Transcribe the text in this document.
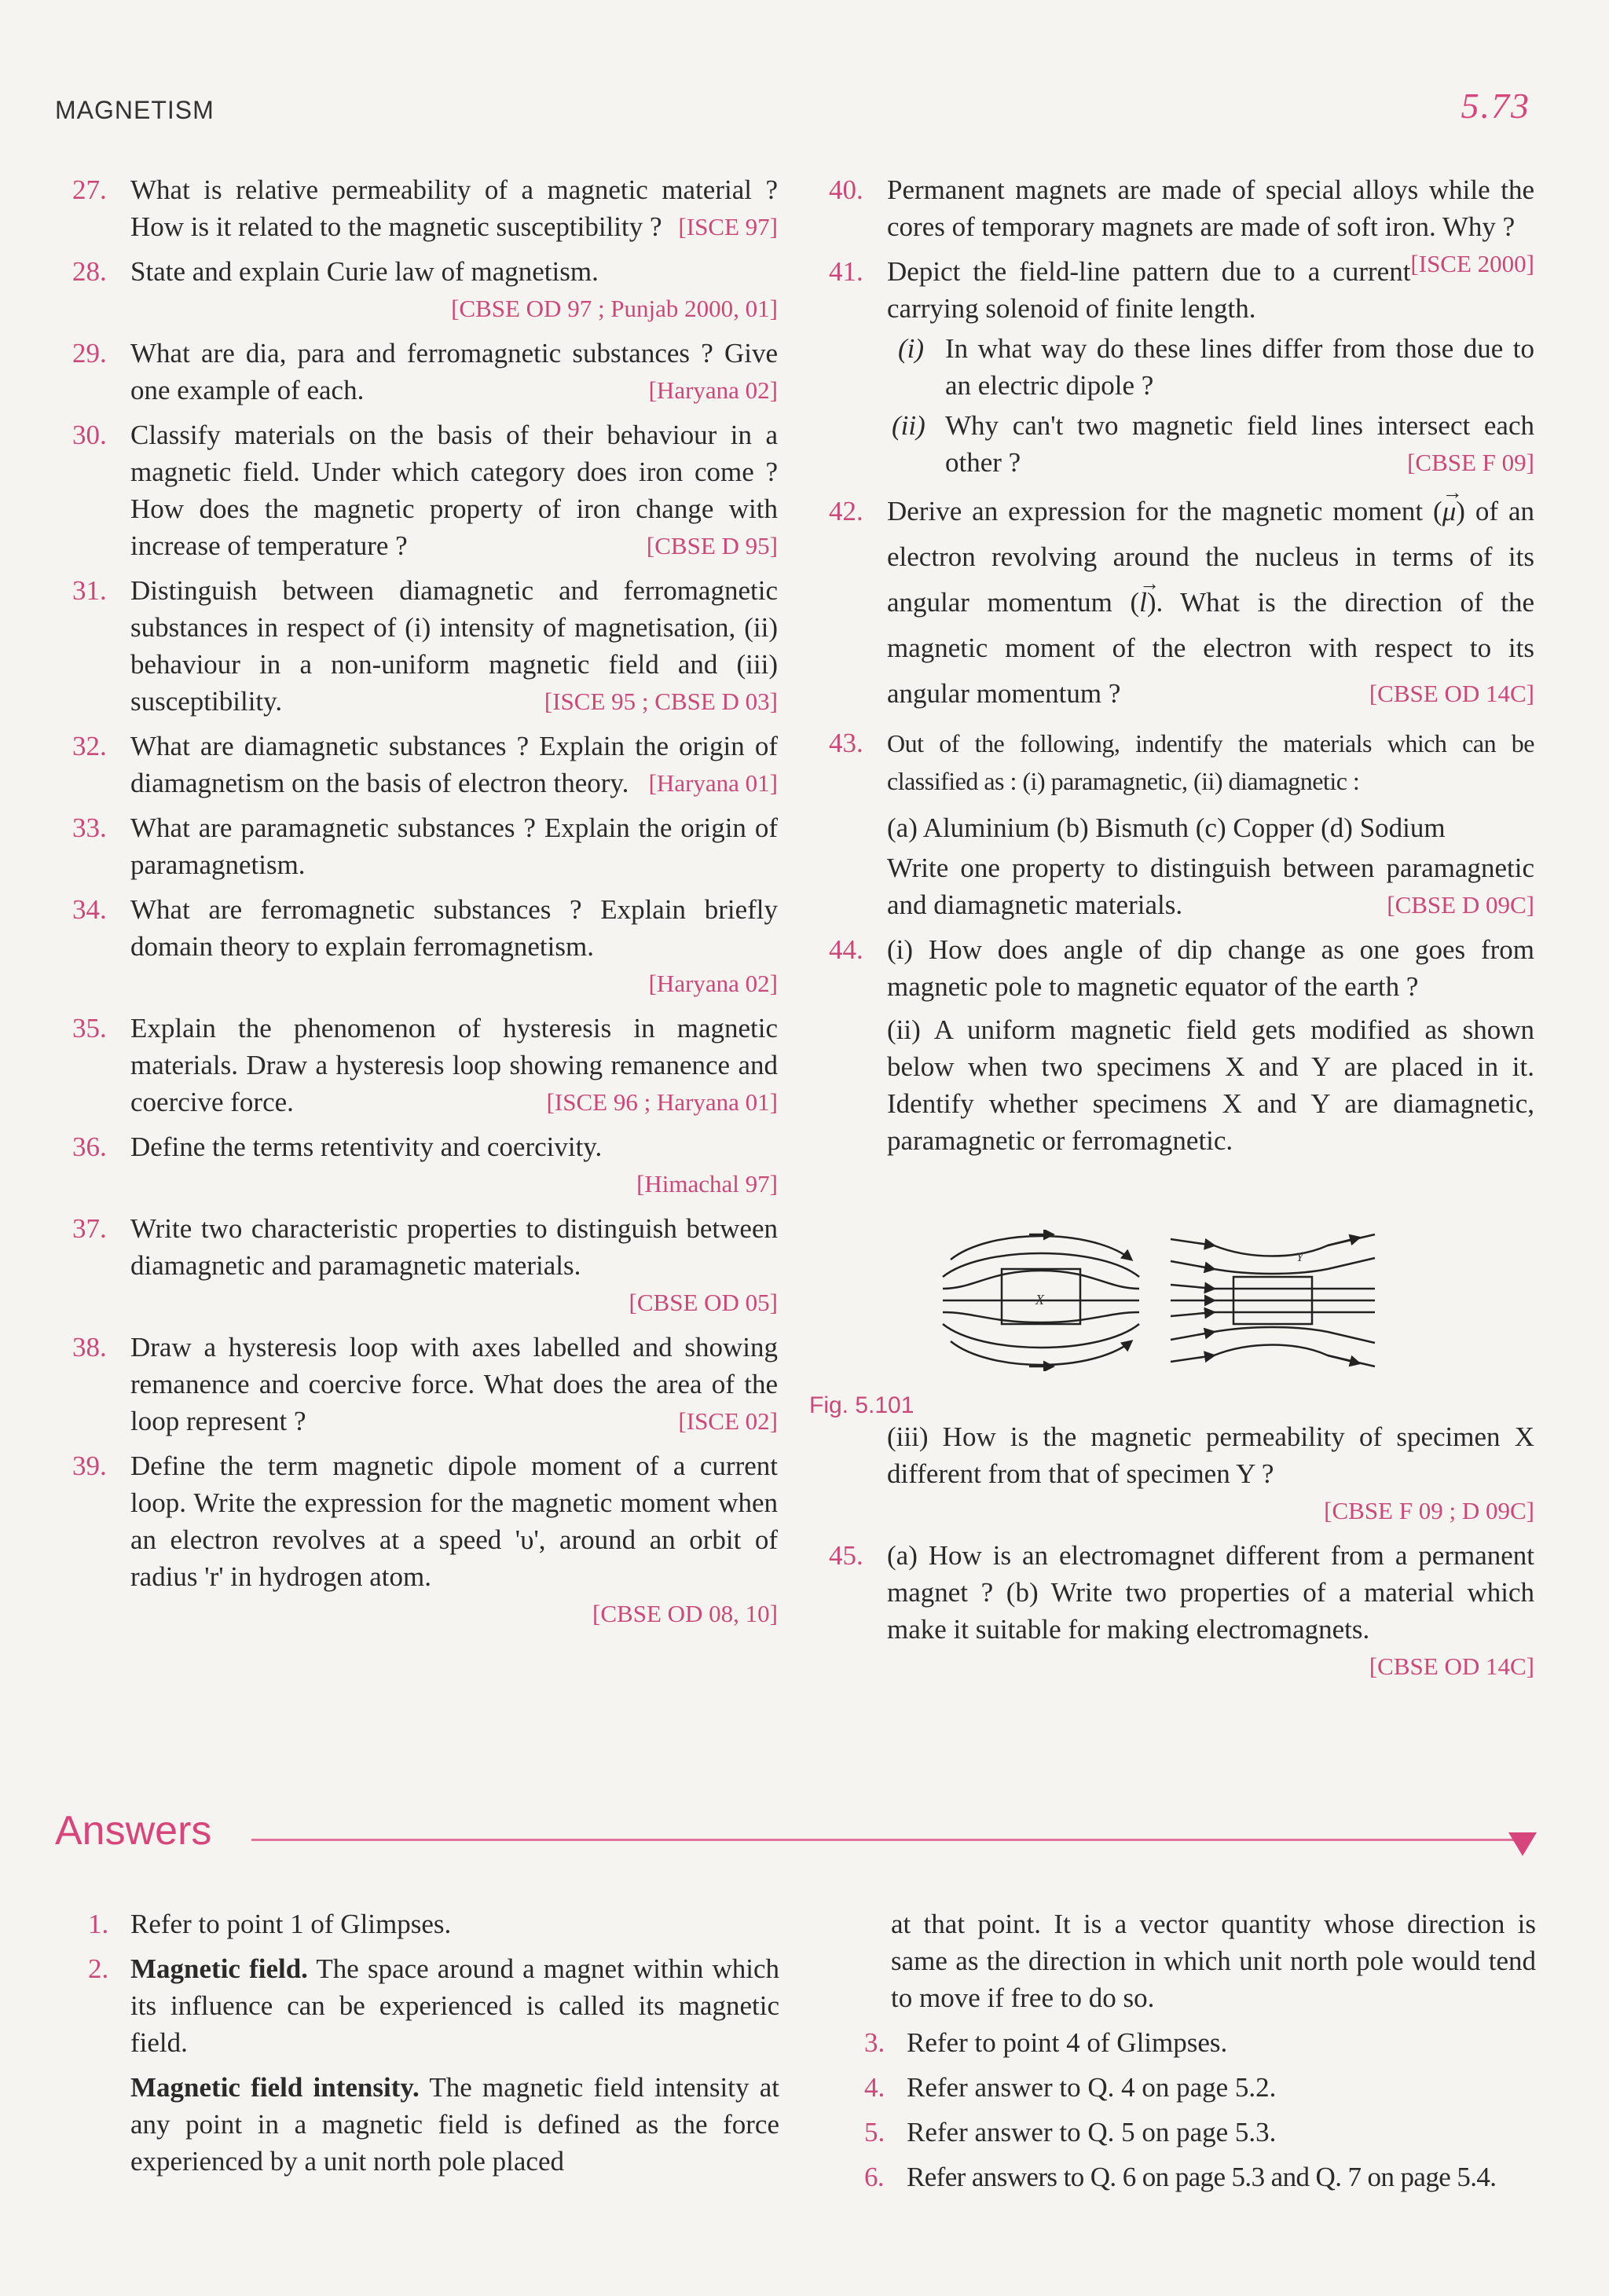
MAGNETISM	5.73
27. What is relative permeability of a magnetic material ? How is it related to the magnetic susceptibility ? [ISCE 97]
28. State and explain Curie law of magnetism.
[CBSE OD 97 ; Punjab 2000, 01]
29. What are dia, para and ferromagnetic substances ? Give one example of each.	[Haryana 02]
30. Classify materials on the basis of their behaviour in a magnetic field. Under which category does iron come ? How does the magnetic property of iron change with increase of temperature ?	[CBSE D 95]
31. Distinguish between diamagnetic and ferromagnetic substances in respect of (i) intensity of magnetisation, (ii) behaviour in a non-uniform magnetic field and (iii) susceptibility.	[ISCE 95 ; CBSE D 03]
32. What are diamagnetic substances ? Explain the origin of diamagnetism on the basis of electron theory. [Haryana 01]
33. What are paramagnetic substances ? Explain the origin of paramagnetism.
34. What are ferromagnetic substances ? Explain briefly domain theory to explain ferromagnetism.
[Haryana 02]
35. Explain the phenomenon of hysteresis in magnetic materials. Draw a hysteresis loop showing remanence and coercive force.	[ISCE 96 ; Haryana 01]
36. Define the terms retentivity and coercivity.
[Himachal 97]
37. Write two characteristic properties to distinguish between diamagnetic and paramagnetic materials.
[CBSE OD 05]
38. Draw a hysteresis loop with axes labelled and showing remanence and coercive force. What does the area of the loop represent ?	[ISCE 02]
39. Define the term magnetic dipole moment of a current loop. Write the expression for the magnetic moment when an electron revolves at a speed 'υ', around an orbit of radius 'r' in hydrogen atom.
[CBSE OD 08, 10]
40. Permanent magnets are made of special alloys while the cores of temporary magnets are made of soft iron. Why ?
[ISCE 2000]
41. Depict the field-line pattern due to a current carrying solenoid of finite length.
(i) In what way do these lines differ from those due to an electric dipole ?
(ii) Why can't two magnetic field lines intersect each other ?	[CBSE F 09]
42. Derive an expression for the magnetic moment (→ μ) of an electron revolving around the nucleus in terms of its angular momentum (→ l). What is the direction of the magnetic moment of the electron with respect to its angular momentum ?	[CBSE OD 14C]
43. Out of the following, indentify the materials which can be classified as : (i) paramagnetic, (ii) diamagnetic :
(a) Aluminium (b) Bismuth (c) Copper (d) Sodium
Write one property to distinguish between paramagnetic and diamagnetic materials.	[CBSE D 09C]
44. (i) How does angle of dip change as one goes from magnetic pole to magnetic equator of the earth ?
(ii) A uniform magnetic field gets modified as shown below when two specimens X and Y are placed in it. Identify whether specimens X and Y are diamagnetic, paramagnetic or ferromagnetic.
(iii) How is the magnetic permeability of specimen X different from that of specimen Y ?
[CBSE F 09 ; D 09C]
45. (a) How is an electromagnet different from a permanent magnet ? (b) Write two properties of a material which make it suitable for making electromagnets.
[CBSE OD 14C]
X
Y
Fig. 5.101
Answers
1. Refer to point 1 of Glimpses.
2. Magnetic field. The space around a magnet within which its influence can be experienced is called its magnetic field.
Magnetic field intensity. The magnetic field intensity at any point in a magnetic field is defined as the force experienced by a unit north pole placed
at that point. It is a vector quantity whose direction is same as the direction in which unit north pole would tend to move if free to do so.
3. Refer to point 4 of Glimpses.
4. Refer answer to Q. 4 on page 5.2.
5. Refer answer to Q. 5 on page 5.3.
6. Refer answers to Q. 6 on page 5.3 and Q. 7 on page 5.4.
